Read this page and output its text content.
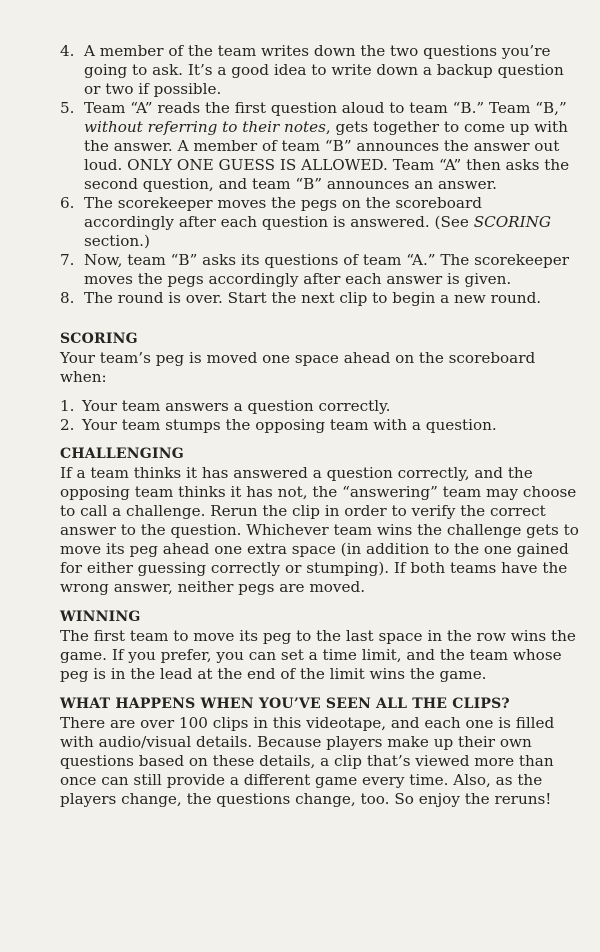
4. A member of the team writes down the two questions you’re going to ask. It’s a good idea to write down a backup question or two if possible.
5. Team “A” reads the first question aloud to team “B.” Team “B,” without referring to their notes, gets together to come up with the answer. A member of team “B” announces the answer out loud. ONLY ONE GUESS IS ALLOWED. Team “A” then asks the second question, and team “B” announces an answer.
6. The scorekeeper moves the pegs on the scoreboard accordingly after each question is answered. (See SCORING section.)
7. Now, team “B” asks its questions of team “A.” The scorekeeper moves the pegs accordingly after each answer is given.
8. The round is over. Start the next clip to begin a new round.
SCORING

Your team’s peg is moved one space ahead on the scoreboard when:

1. Your team answers a question correctly.
2. Your team stumps the opposing team with a question.
CHALLENGING

If a team thinks it has answered a question correctly, and the opposing team thinks it has not, the “answering” team may choose to call a challenge. Rerun the clip in order to verify the correct answer to the question. Whichever team wins the challenge gets to move its peg ahead one extra space (in addition to the one gained for either guessing correctly or stumping). If both teams have the wrong answer, neither pegs are moved.

WINNING

The first team to move its peg to the last space in the row wins the game. If you prefer, you can set a time limit, and the team whose peg is in the lead at the end of the limit wins the game.

WHAT HAPPENS WHEN YOU’VE SEEN ALL THE CLIPS?

There are over 100 clips in this videotape, and each one is filled with audio/visual details. Because players make up their own questions based on these details, a clip that’s viewed more than once can still provide a different game every time. Also, as the players change, the questions change, too. So enjoy the reruns!
